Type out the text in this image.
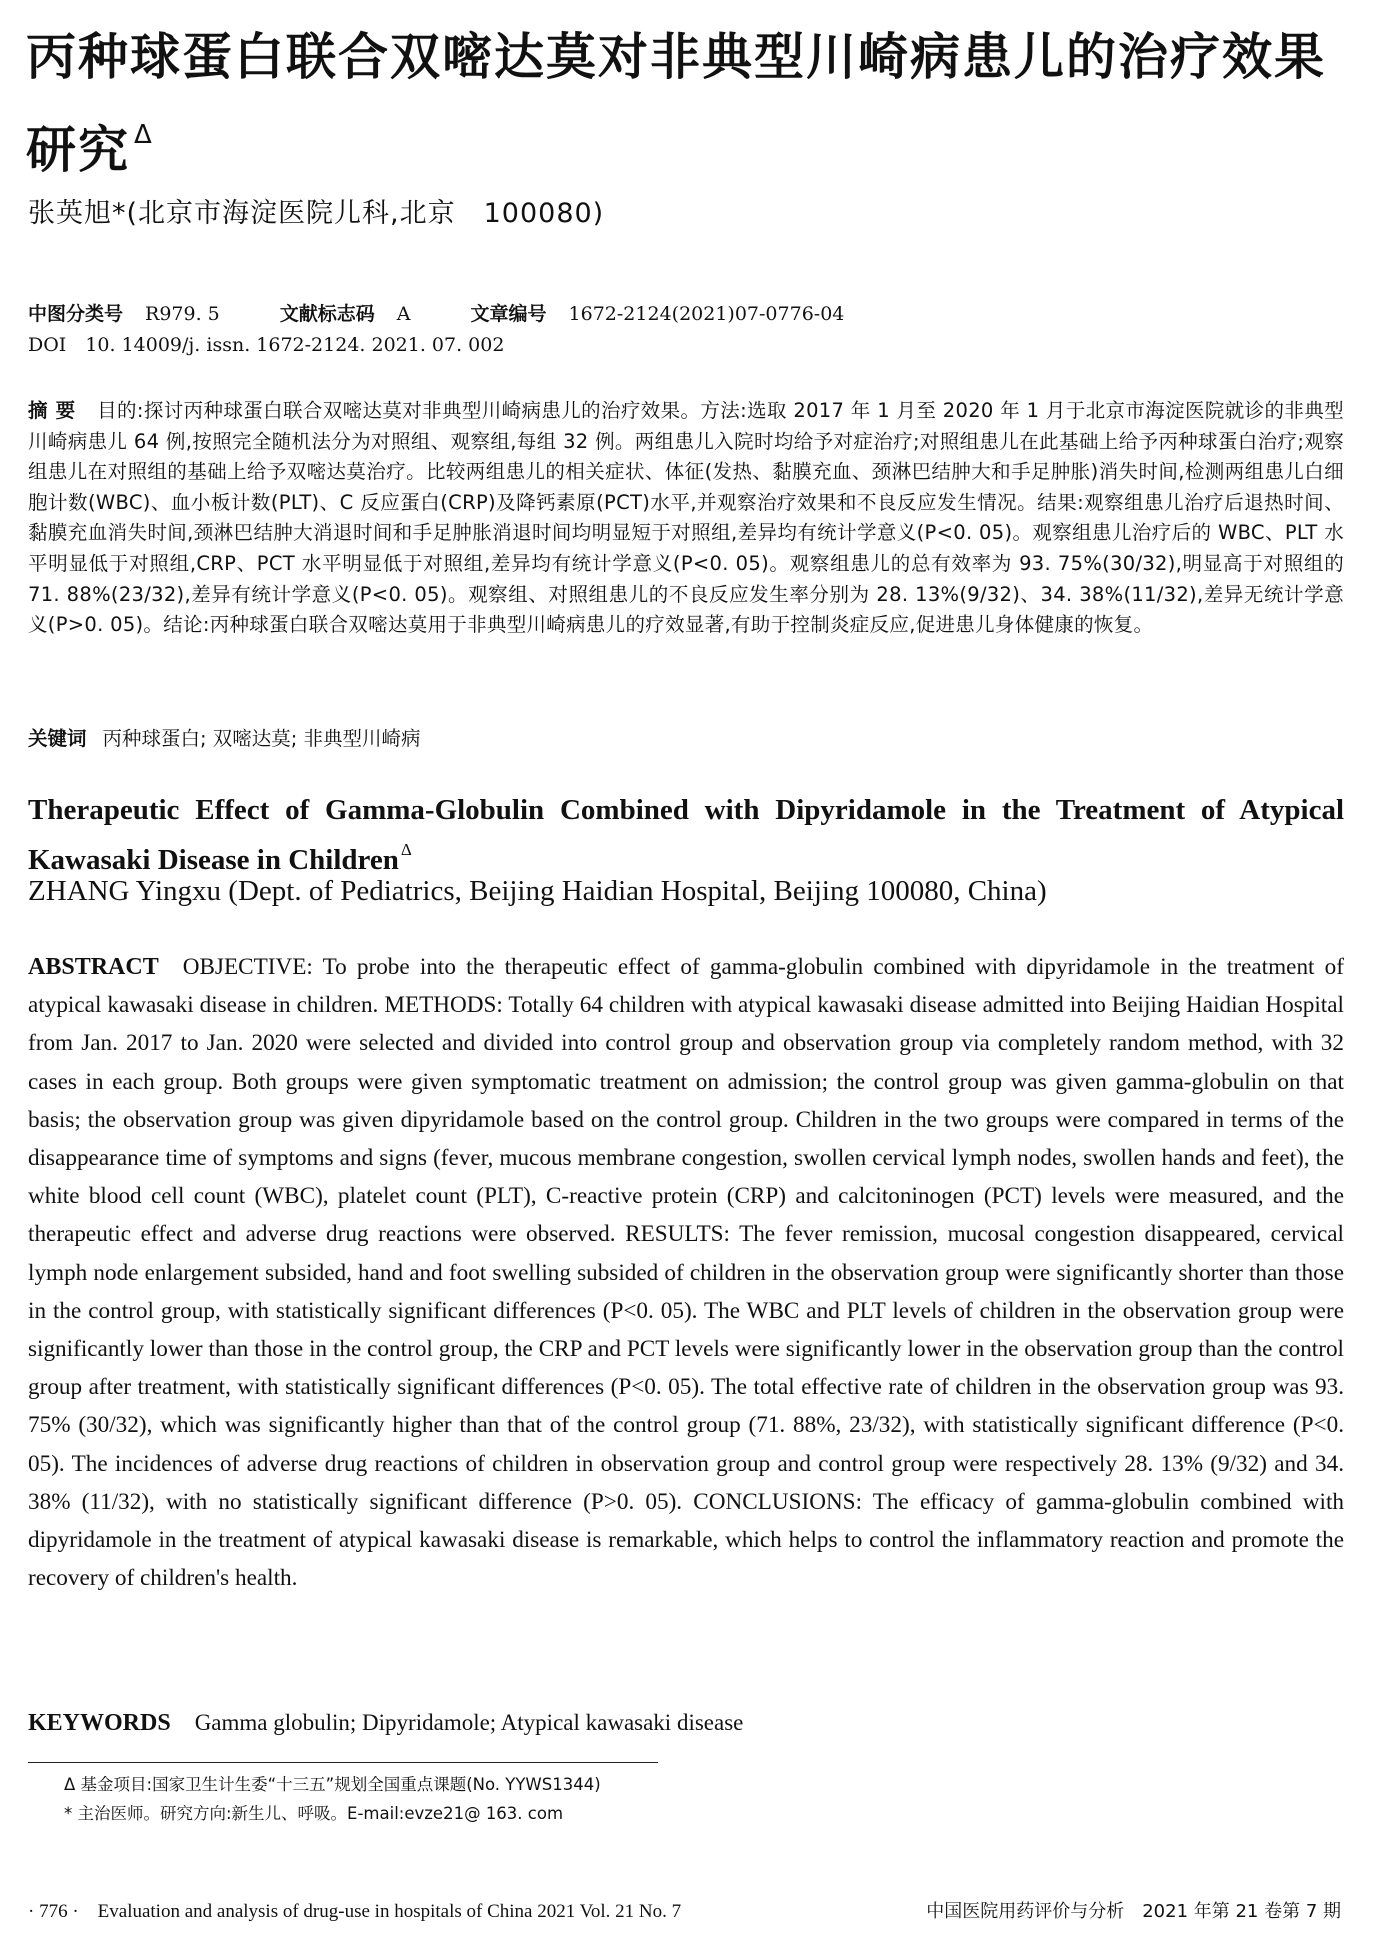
丙种球蛋白联合双嘧达莫对非典型川崎病患儿的治疗效果研究 $^\Delta$
张英旭*(北京市海淀医院儿科,北京　100080)
中图分类号 R979. 5	文献标志码 A	文章编号 1672-2124(2021)07-0776-04
DOI　10. 14009/j. issn. 1672-2124. 2021. 07. 002
摘要 目的:探讨丙种球蛋白联合双嘧达莫对非典型川崎病患儿的治疗效果。方法:选取 2017 年 1 月至 2020 年 1 月于北京市海淀医院就诊的非典型川崎病患儿 64 例,按照完全随机法分为对照组、观察组,每组 32 例。两组患儿入院时均给予对症治疗;对照组患儿在此基础上给予丙种球蛋白治疗;观察组患儿在对照组的基础上给予双嘧达莫治疗。比较两组患儿的相关症状、体征(发热、黏膜充血、颈淋巴结肿大和手足肿胀)消失时间,检测两组患儿白细胞计数(WBC)、血小板计数(PLT)、C 反应蛋白(CRP)及降钙素原(PCT)水平,并观察治疗效果和不良反应发生情况。结果:观察组患儿治疗后退热时间、黏膜充血消失时间,颈淋巴结肿大消退时间和手足肿胀消退时间均明显短于对照组,差异均有统计学意义(P<0. 05)。观察组患儿治疗后的 WBC、PLT 水平明显低于对照组,CRP、PCT 水平明显低于对照组,差异均有统计学意义(P<0. 05)。观察组患儿的总有效率为 93. 75%(30/32),明显高于对照组的 71. 88%(23/32),差异有统计学意义(P<0. 05)。观察组、对照组患儿的不良反应发生率分别为 28. 13%(9/32)、34. 38%(11/32),差异无统计学意义(P>0. 05)。结论:丙种球蛋白联合双嘧达莫用于非典型川崎病患儿的疗效显著,有助于控制炎症反应,促进患儿身体健康的恢复。
关键词 丙种球蛋白; 双嘧达莫; 非典型川崎病
Therapeutic Effect of Gamma-Globulin Combined with Dipyridamole in the Treatment of Atypical Kawasaki Disease in Children $^\Delta$
ZHANG Yingxu (Dept. of Pediatrics, Beijing Haidian Hospital, Beijing 100080, China)
ABSTRACT OBJECTIVE: To probe into the therapeutic effect of gamma-globulin combined with dipyridamole in the treatment of atypical kawasaki disease in children. METHODS: Totally 64 children with atypical kawasaki disease admitted into Beijing Haidian Hospital from Jan. 2017 to Jan. 2020 were selected and divided into control group and observation group via completely random method, with 32 cases in each group. Both groups were given symptomatic treatment on admission; the control group was given gamma-globulin on that basis; the observation group was given dipyridamole based on the control group. Children in the two groups were compared in terms of the disappearance time of symptoms and signs (fever, mucous membrane congestion, swollen cervical lymph nodes, swollen hands and feet), the white blood cell count (WBC), platelet count (PLT), C-reactive protein (CRP) and calcitoninogen (PCT) levels were measured, and the therapeutic effect and adverse drug reactions were observed. RESULTS: The fever remission, mucosal congestion disappeared, cervical lymph node enlargement subsided, hand and foot swelling subsided of children in the observation group were significantly shorter than those in the control group, with statistically significant differences (P<0. 05). The WBC and PLT levels of children in the observation group were significantly lower than those in the control group, the CRP and PCT levels were significantly lower in the observation group than the control group after treatment, with statistically significant differences (P<0. 05). The total effective rate of children in the observation group was 93. 75% (30/32), which was significantly higher than that of the control group (71. 88%, 23/32), with statistically significant difference (P<0. 05). The incidences of adverse drug reactions of children in observation group and control group were respectively 28. 13% (9/32) and 34. 38% (11/32), with no statistically significant difference (P>0. 05). CONCLUSIONS: The efficacy of gamma-globulin combined with dipyridamole in the treatment of atypical kawasaki disease is remarkable, which helps to control the inflammatory reaction and promote the recovery of children's health.
KEYWORDS Gamma globulin; Dipyridamole; Atypical kawasaki disease
Δ 基金项目:国家卫生计生委“十三五”规划全国重点课题(No. YYWS1344)
* 主治医师。研究方向:新生儿、呼吸。E-mail:evze21@ 163. com
· 776 ·　Evaluation and analysis of drug-use in hospitals of China 2021 Vol. 21 No. 7	中国医院用药评价与分析　2021 年第 21 卷第 7 期
